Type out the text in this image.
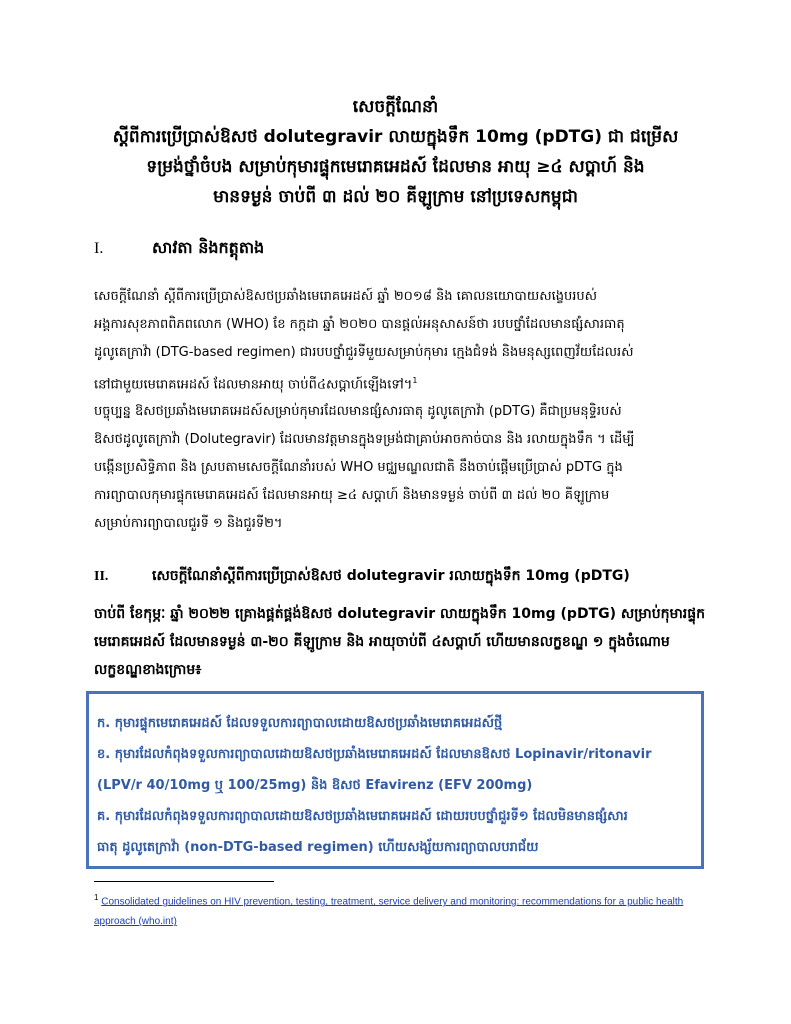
សេចក្ដីណែនាំ
ស្ដីពីការប្រើប្រាស់ឱសថ dolutegravir លាយក្នុងទឹក 10mg (pDTG) ជា ជម្រើស
ទម្រង់ថ្នាំចំបង សម្រាប់កុមារផ្ទុកមេរោគអេដស៍ ដែលមាន អាយុ ≥៤ សប្តាហ៍ និង
មានទម្ងន់ ចាប់ពី ៣ ដល់ ២០ គីឡូក្រាម នៅប្រទេសកម្ពុជា
I.	សាវតា និងកត្តុតាង
សេចក្ដីណែនាំ ស្ដីពីការប្រើប្រាស់ឱសថប្រឆាំងមេរោគអេដស៍ ឆ្នាំ ២០១៨ និង គោលនយោបាយសង្ខេបរបស់
អង្គការសុខភាពពិភពលោក (WHO) ខែ កក្កដា ឆ្នាំ ២០២០ បានផ្ដល់អនុសាសន៍ថា របបថ្នាំដែលមានផ្សំសារធាតុ
ដូលូតេក្រាវ៉ា (DTG-based regimen) ជារបបថ្នាំជួរទីមួយសម្រាប់កុមារ ក្មេងជំទង់ និងមនុស្សពេញវ័យដែលរស់
នៅជាមួយមេរោគអេដស៍ ដែលមានអាយុ ចាប់ពី៤សប្តាហ៍ឡើងទៅ។$^1$
បច្ចុប្បន្ន ឱសថប្រឆាំងមេរោគអេដស៍សម្រាប់កុមារដែលមានផ្សំសារធាតុ ដូលូតេក្រាវ៉ា (pDTG) គឺជាប្រមនុទ្ទិរបស់
ឱសថដូលូតេក្រាវ៉ា (Dolutegravir) ដែលមានវត្តមានក្នុងទម្រង់ជាគ្រាប់អាចកាច់បាន និង រលាយក្នុងទឹក ។ ដើម្បី
បង្កើនប្រសិទ្ធិភាព និង ស្របតាមសេចក្ដីណែនាំរបស់ WHO មជ្ឈមណ្ឌលជាតិ នឹងចាប់ផ្ដើមប្រើប្រាស់ pDTG ក្នុង
ការព្យាបាលកុមារផ្ទុកមេរោគអេដស៍ ដែលមានអាយុ ≥៤ សប្តាហ៍ និងមានទម្ងន់ ចាប់ពី ៣ ដល់ ២០ គីឡូក្រាម
សម្រាប់ការព្យាបាលជួរទី ១ និងជួរទី២។
II.	សេចក្ដីណែនាំស្ដីពីការប្រើប្រាស់ឱសថ dolutegravir រលាយក្នុងទឹក 10mg (pDTG)
ចាប់ពី ខែកុម្ភៈ ឆ្នាំ ២០២២ គ្រោងផ្គត់ផ្គង់ឱសថ dolutegravir លាយក្នុងទឹក 10mg (pDTG) សម្រាប់កុមារផ្ទុក
មេរោគអេដស៍ ដែលមានទម្ងន់ ៣-២០ គីឡូក្រាម និង អាយុចាប់ពី ៤សប្តាហ៍ ហើយមានលក្ខខណ្ឌ ១ ក្នុងចំណោម
លក្ខខណ្ឌខាងក្រោម៖
ក. កុមារផ្ទុកមេរោគអេដស៍ ដែលទទួលការព្យាបាលដោយឱសថប្រឆាំងមេរោគអេដស៍ថ្មី
ខ. កុមារដែលកំពុងទទួលការព្យាបាលដោយឱសថប្រឆាំងមេរោគអេដស៍ ដែលមានឱសថ Lopinavir/ritonavir
(LPV/r 40/10mg ឬ 100/25mg) និង ឱសថ Efavirenz (EFV 200mg)
គ. កុមារដែលកំពុងទទួលការព្យាបាលដោយឱសថប្រឆាំងមេរោគអេដស៍ ដោយរបបថ្នាំជួរទី១ ដែលមិនមានផ្សំសារ
ធាតុ ដូលូតេក្រាវ៉ា (non-DTG-based regimen) ហើយសង្ស័យការព្យាបាលបរាជ័យ
$^1$ Consolidated guidelines on HIV prevention, testing, treatment, service delivery and monitoring: recommendations for a public health
approach (who.int)
